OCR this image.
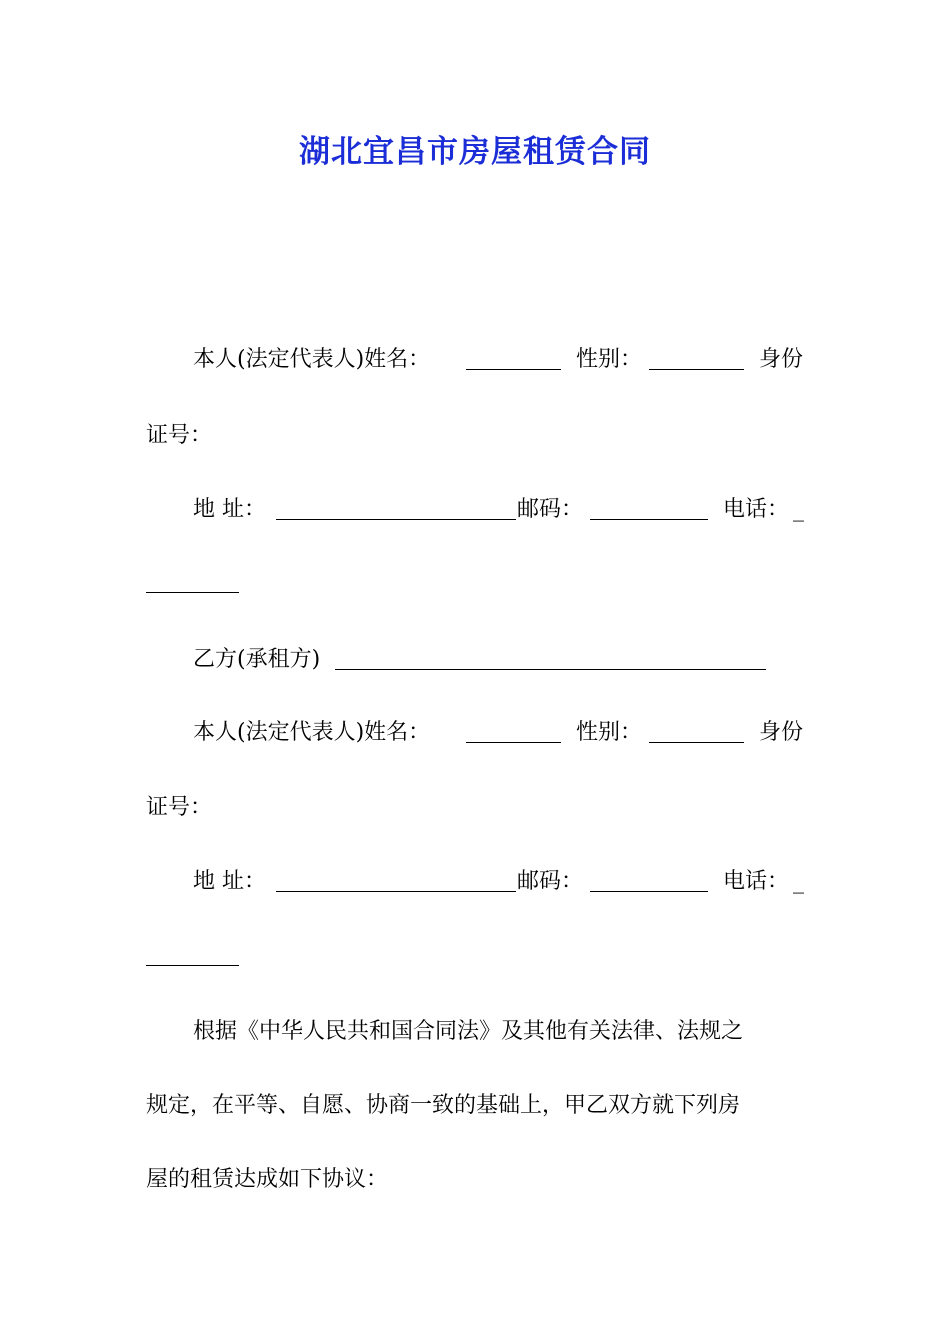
湖北宜昌市房屋租赁合同
本人(法定代表人)姓名：	性别：	身份
证号：
地 址：	邮码：	电话： _
乙方(承租方)
本人(法定代表人)姓名：	性别：	身份
证号：
地 址：	邮码：	电话： _
根据《中华人民共和国合同法》及其他有关法律、法规之
规定，在平等、自愿、协商一致的基础上，甲乙双方就下列房
屋的租赁达成如下协议：
